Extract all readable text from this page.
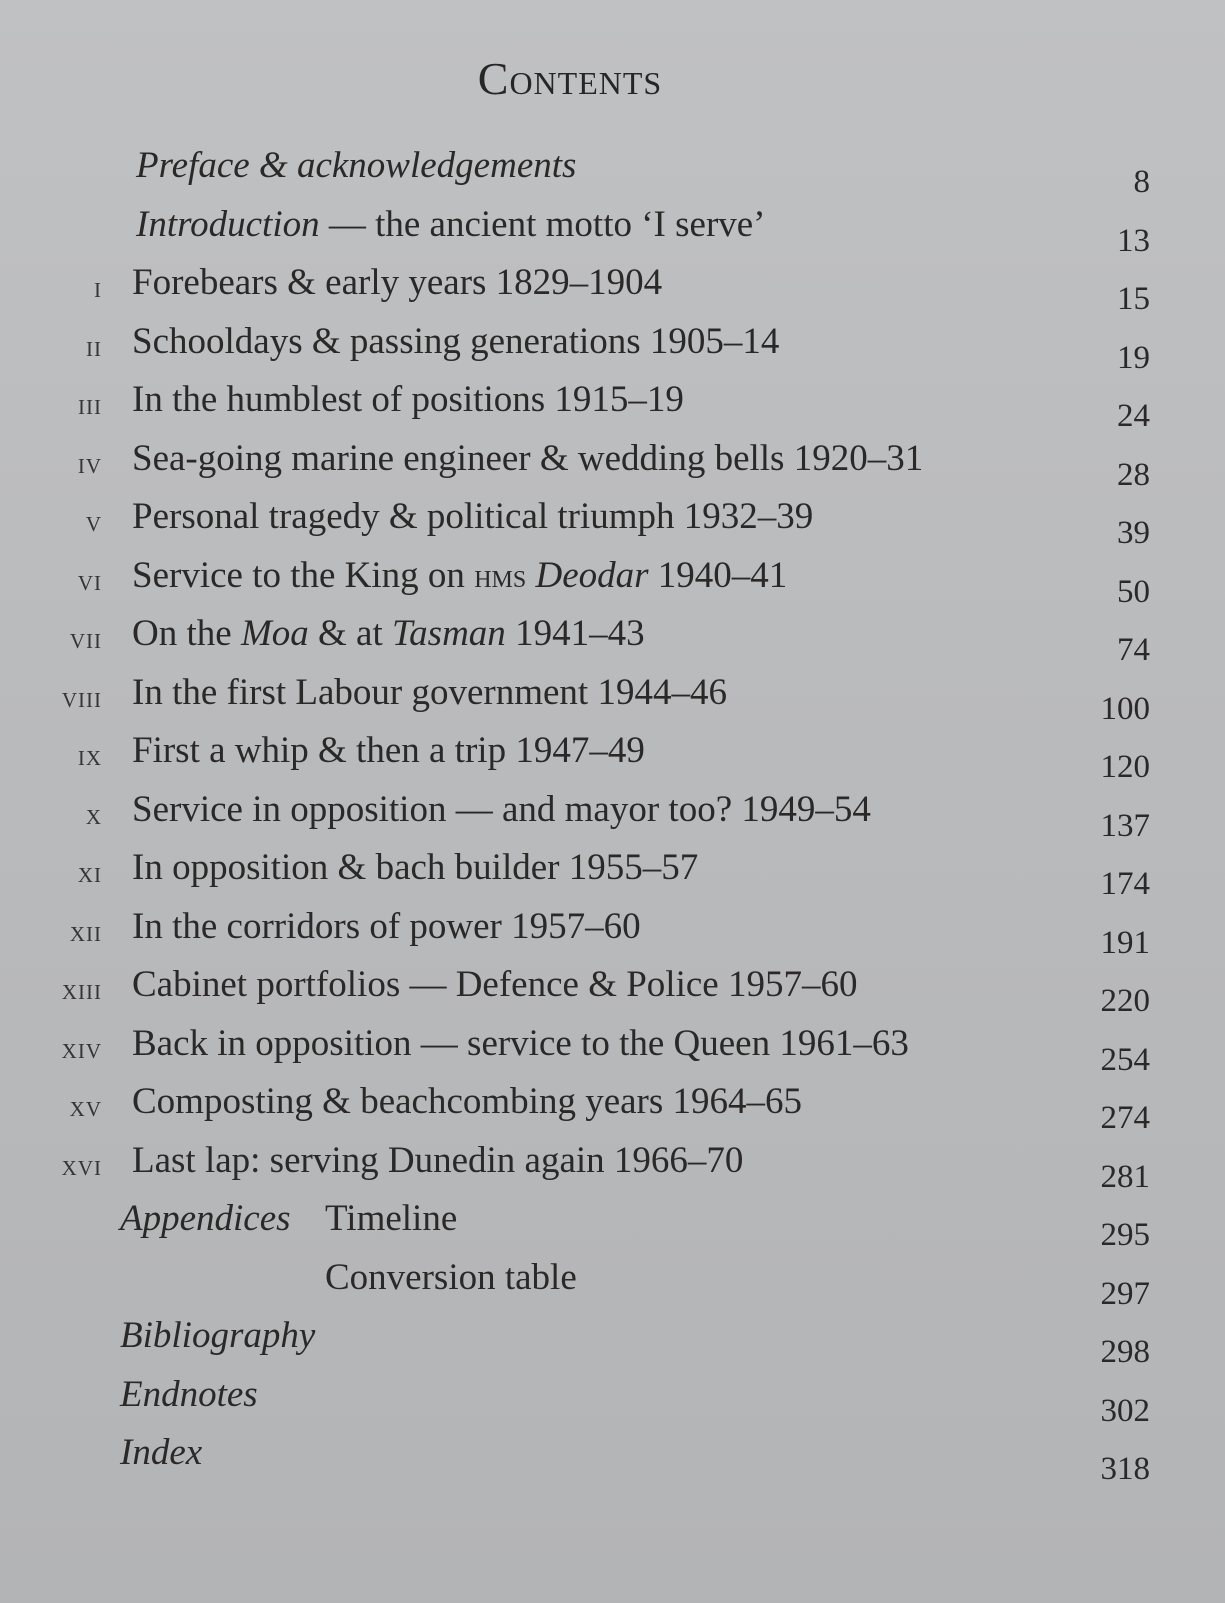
Contents
Preface & acknowledgements	8
Introduction — the ancient motto ‘I serve’	13
i Forebears & early years 1829–1904	15
ii Schooldays & passing generations 1905–14	19
iii In the humblest of positions 1915–19	24
iv Sea-going marine engineer & wedding bells 1920–31	28
v Personal tragedy & political triumph 1932–39	39
vi Service to the King on hms Deodar 1940–41	50
vii On the Moa & at Tasman 1941–43	74
viii In the first Labour government 1944–46	100
ix First a whip & then a trip 1947–49	120
x Service in opposition — and mayor too? 1949–54	137
xi In opposition & bach builder 1955–57	174
xii In the corridors of power 1957–60	191
xiii Cabinet portfolios — Defence & Police 1957–60	220
xiv Back in opposition — service to the Queen 1961–63	254
xv Composting & beachcombing years 1964–65	274
xvi Last lap: serving Dunedin again 1966–70	281
Appendices Timeline	295
Conversion table	297
Bibliography	298
Endnotes	302
Index	318
